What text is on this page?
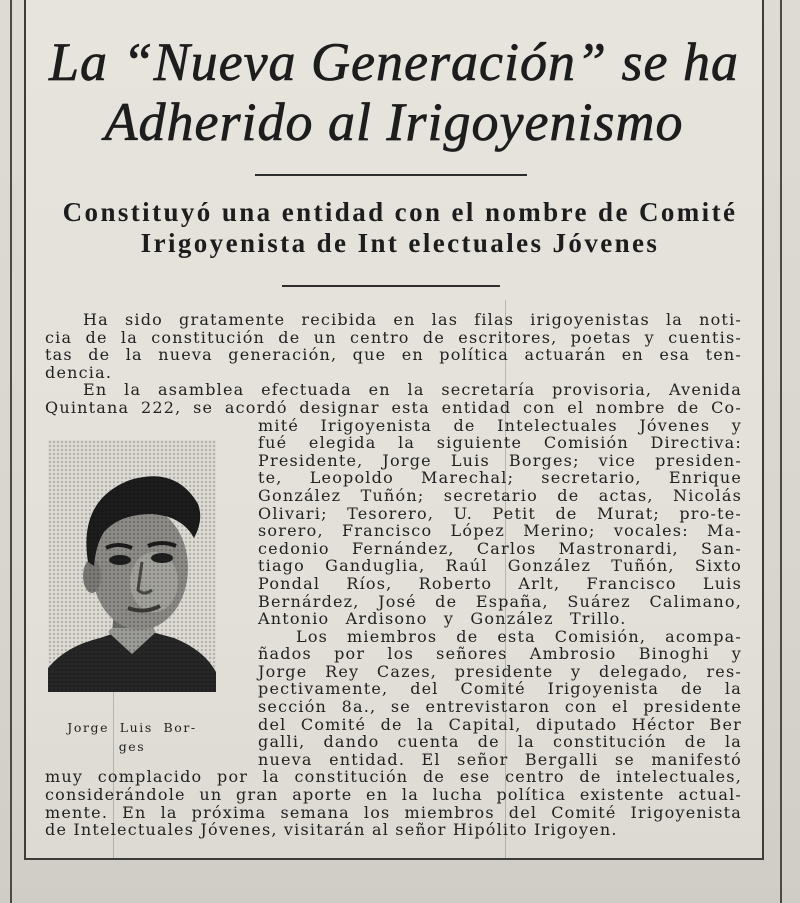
La “Nueva Generación” se ha
Adherido al Irigoyenismo
Constituyó una entidad con el nombre de Comité
Irigoyenista de Int electuales Jóvenes
Ha sido gratamente recibida en las filas irigoyenistas la noti-
cia de la constitución de un centro de escritores, poetas y cuentis-
tas de la nueva generación, que en política actuarán en esa ten-
dencia.
En la asamblea efectuada en la secretaría provisoria, Avenida
Quintana 222, se acordó designar esta entidad con el nombre de Co-
mité Irigoyenista de Intelectuales Jóvenes y
fué elegida la siguiente Comisión Directiva:
Presidente, Jorge Luis Borges; vice presiden-
te, Leopoldo Marechal; secretario, Enrique
González Tuñón; secretario de actas, Nicolás
Olivari; Tesorero, U. Petit de Murat; pro-te-
sorero, Francisco López Merino; vocales: Ma-
cedonio Fernández, Carlos Mastronardi, San-
tiago Ganduglia, Raúl González Tuñón, Sixto
Pondal Ríos, Roberto Arlt, Francisco Luis
Bernárdez, José de España, Suárez Calimano,
Antonio Ardisono y González Trillo.
Los miembros de esta Comisión, acompa-
ñados por los señores Ambrosio Binoghi y
Jorge Rey Cazes, presidente y delegado, res-
pectivamente, del Comité Irigoyenista de la
sección 8a., se entrevistaron con el presidente
del Comité de la Capital, diputado Héctor Ber
galli, dando cuenta de la constitución de la
nueva entidad. El señor Bergalli se manifestó
muy complacido por la constitución de ese centro de intelectuales,
considerándole un gran aporte en la lucha política existente actual-
mente. En la próxima semana los miembros del Comité Irigoyenista
de Intelectuales Jóvenes, visitarán al señor Hipólito Irigoyen.
Jorge Luis Bor-
ges
